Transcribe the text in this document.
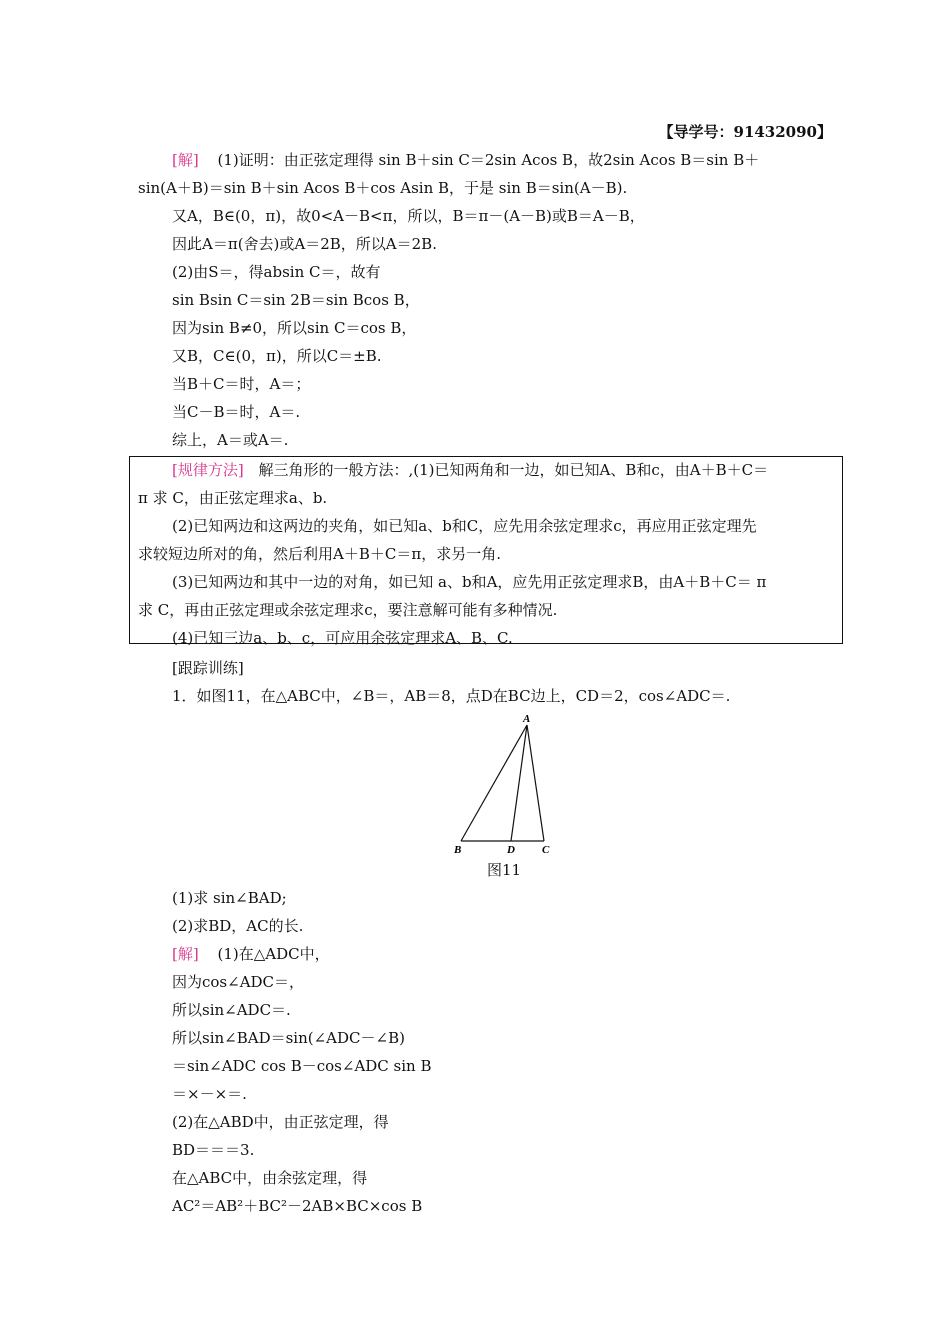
【导学号：91432090】
[解] (1)证明：由正弦定理得 sin B＋sin C＝2sin Acos B，故2sin Acos B＝sin B＋
sin(A＋B)＝sin B＋sin Acos B＋cos Asin B，于是 sin B＝sin(A－B).
又A，B∈(0，π)，故0<A－B<π，所以，B＝π－(A－B)或B＝A－B，
因此A＝π(舍去)或A＝2B，所以A＝2B.
(2)由S＝，得absin C＝，故有
sin Bsin C＝sin 2B＝sin Bcos B，
因为sin B≠0，所以sin C＝cos B，
又B，C∈(0，π)，所以C＝±B.
当B＋C＝时，A＝；
当C－B＝时，A＝.
综上，A＝或A＝.
[规律方法] 解三角形的一般方法：,(1)已知两角和一边，如已知A、B和c，由A＋B＋C＝
π 求 C，由正弦定理求a、b.
(2)已知两边和这两边的夹角，如已知a、b和C，应先用余弦定理求c，再应用正弦定理先
求较短边所对的角，然后利用A＋B＋C＝π，求另一角.
(3)已知两边和其中一边的对角，如已知 a、b和A，应先用正弦定理求B，由A＋B＋C＝ π
求 C，再由正弦定理或余弦定理求c，要注意解可能有多种情况.
(4)已知三边a、b、c，可应用余弦定理求A、B、C.
[跟踪训练]
1．如图11，在△ABC中，∠B＝，AB＝8，点D在BC边上，CD＝2，cos∠ADC＝.
A
B	D C
图11
(1)求 sin∠BAD;
(2)求BD，AC的长.
[解] (1)在△ADC中，
因为cos∠ADC＝，
所以sin∠ADC＝.
所以sin∠BAD＝sin(∠ADC－∠B)
＝sin∠ADC cos B－cos∠ADC sin B
＝×－×＝.
(2)在△ABD中，由正弦定理，得
BD＝＝＝3.
在△ABC中，由余弦定理，得
AC²＝AB²＋BC²－2AB×BC×cos B
